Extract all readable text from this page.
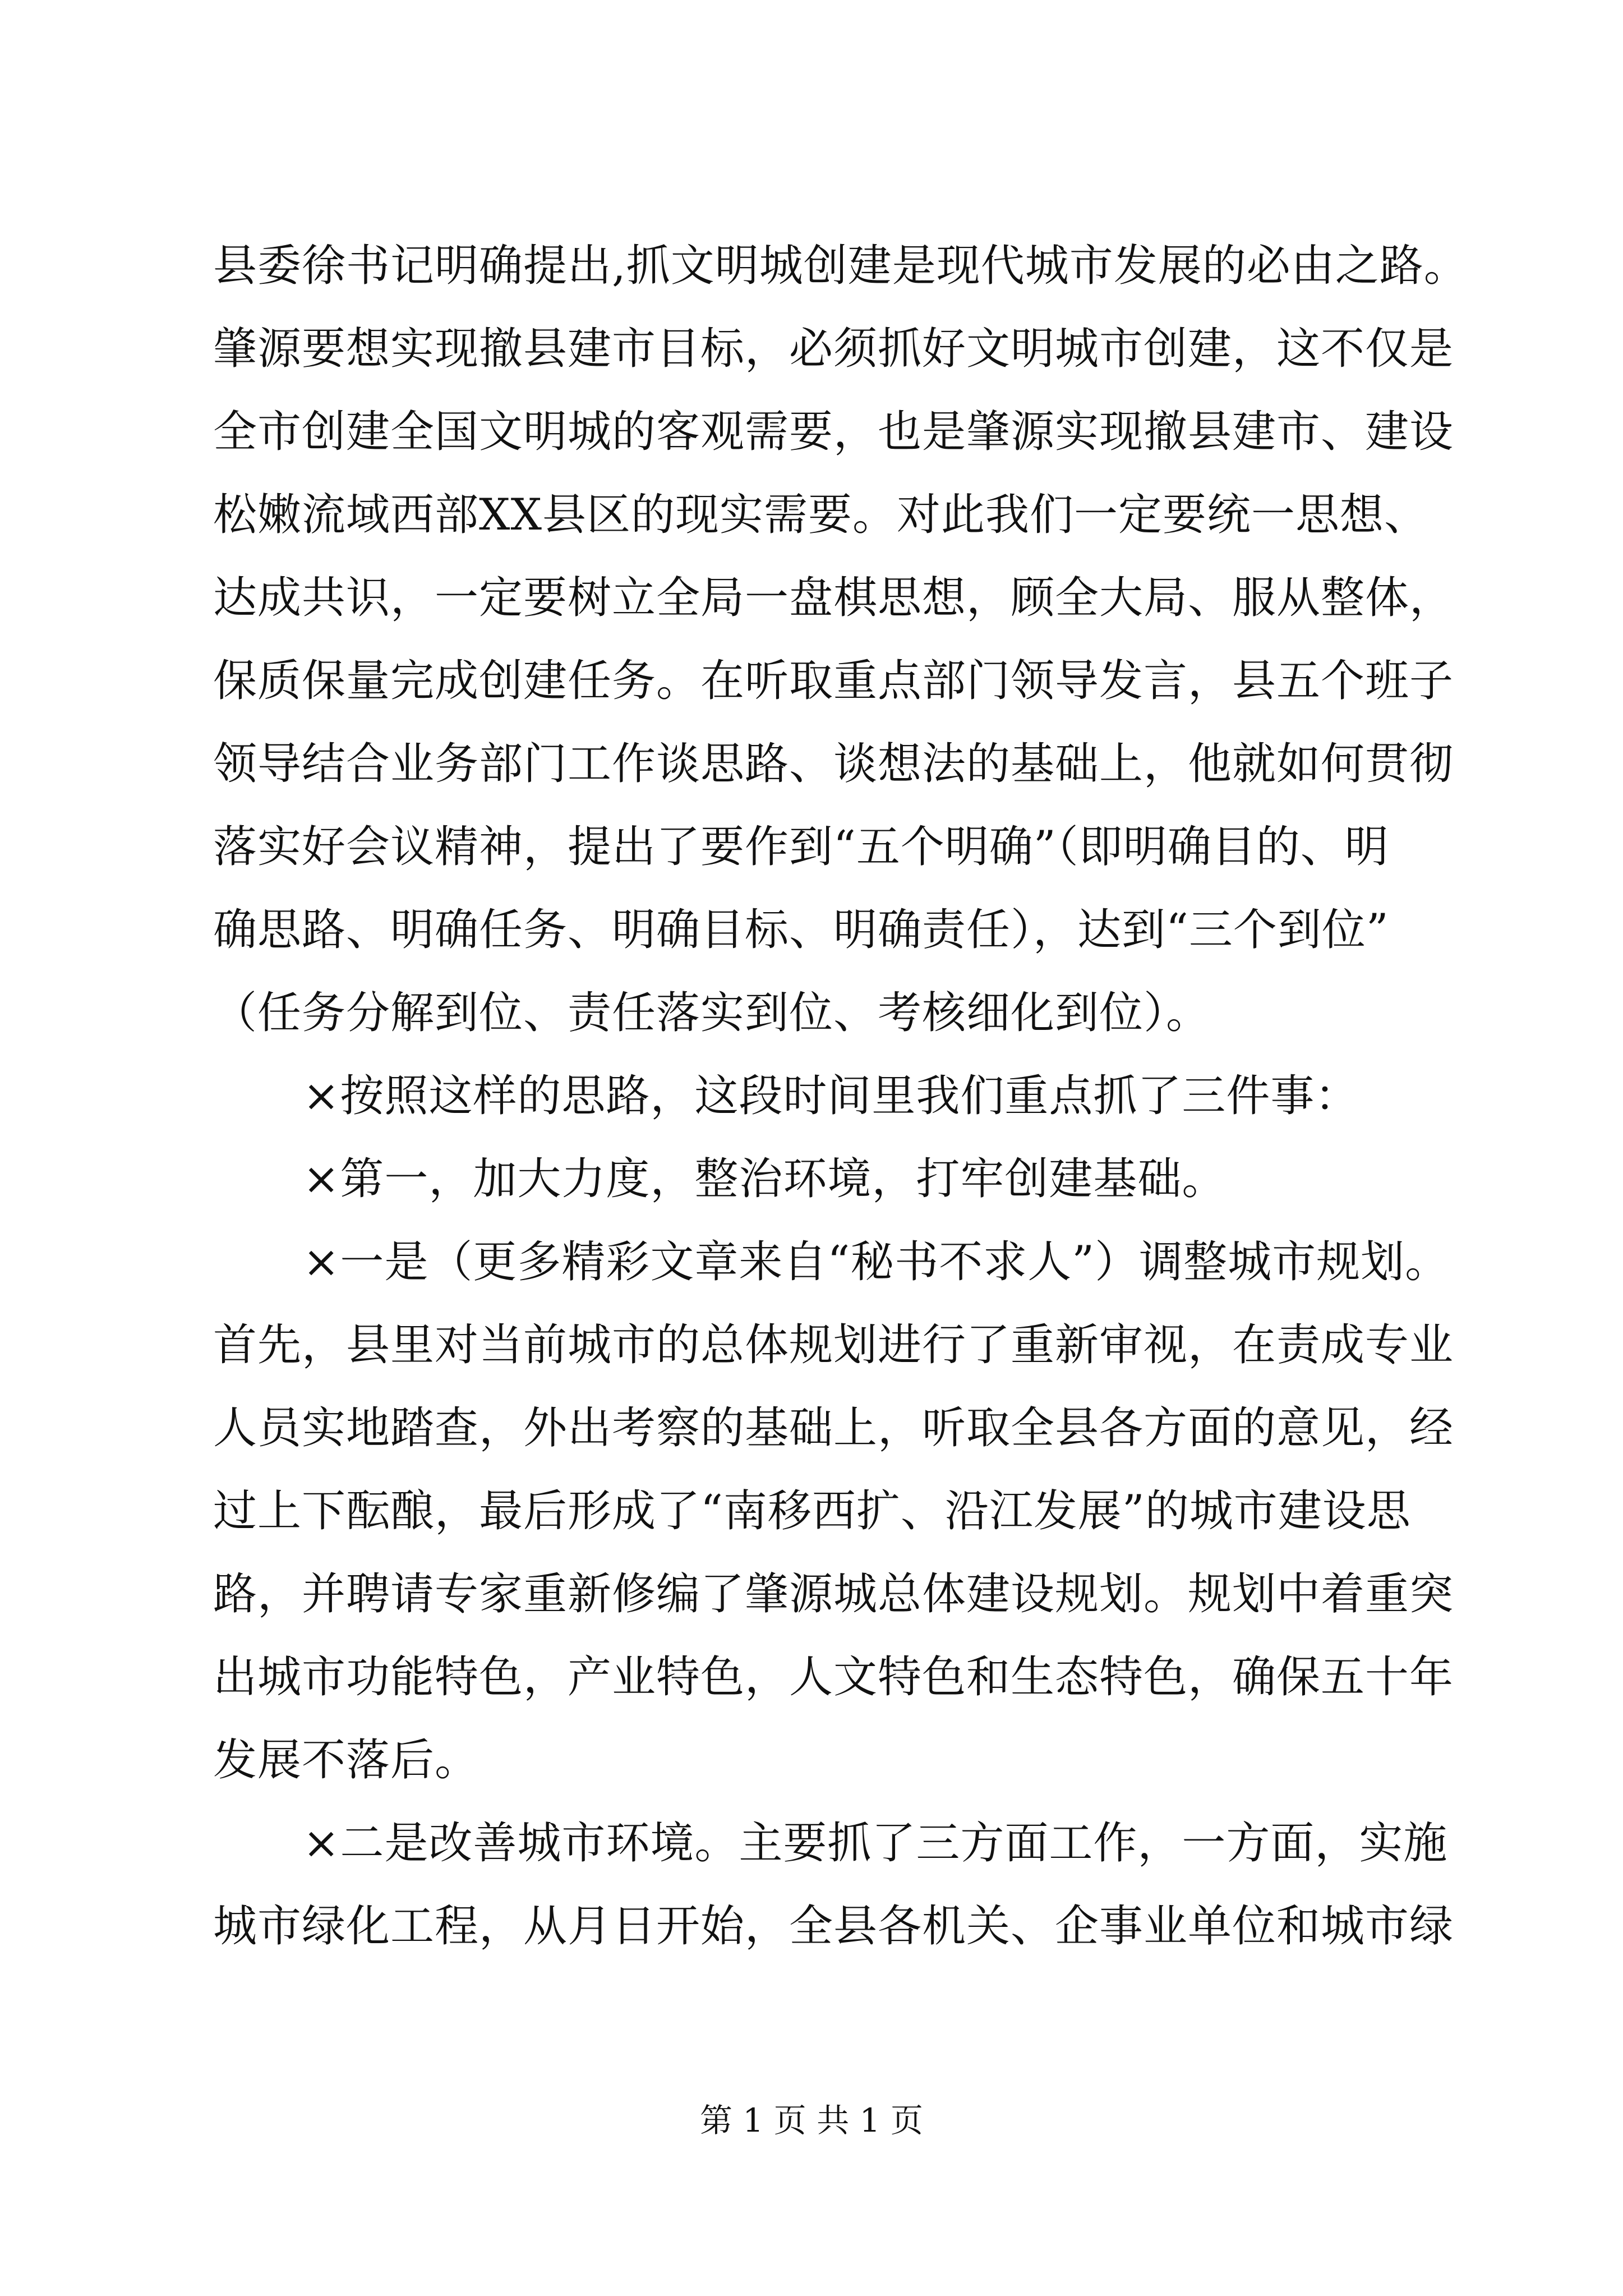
县委徐书记明确提出,抓文明城创建是现代城市发展的必由之路。
肇源要想实现撤县建市目标，必须抓好文明城市创建，这不仅是
全市创建全国文明城的客观需要，也是肇源实现撤县建市、建设
松嫩流域西部XX县区的现实需要。对此我们一定要统一思想、
达成共识，一定要树立全局一盘棋思想，顾全大局、服从整体，
保质保量完成创建任务。在听取重点部门领导发言，县五个班子
领导结合业务部门工作谈思路、谈想法的基础上，他就如何贯彻
落实好会议精神，提出了要作到“五个明确”（即明确目的、明
确思路、明确任务、明确目标、明确责任），达到“三个到位”
（任务分解到位、责任落实到位、考核细化到位）。
×按照这样的思路，这段时间里我们重点抓了三件事：
×第一，加大力度，整治环境，打牢创建基础。
×一是（更多精彩文章来自“秘书不求人”）调整城市规划。
首先，县里对当前城市的总体规划进行了重新审视，在责成专业
人员实地踏查，外出考察的基础上，听取全县各方面的意见，经
过上下酝酿，最后形成了“南移西扩、沿江发展”的城市建设思
路，并聘请专家重新修编了肇源城总体建设规划。规划中着重突
出城市功能特色，产业特色，人文特色和生态特色，确保五十年
发展不落后。
×二是改善城市环境。主要抓了三方面工作，一方面，实施
城市绿化工程，从月日开始，全县各机关、企事业单位和城市绿
第 1 页 共 1 页
